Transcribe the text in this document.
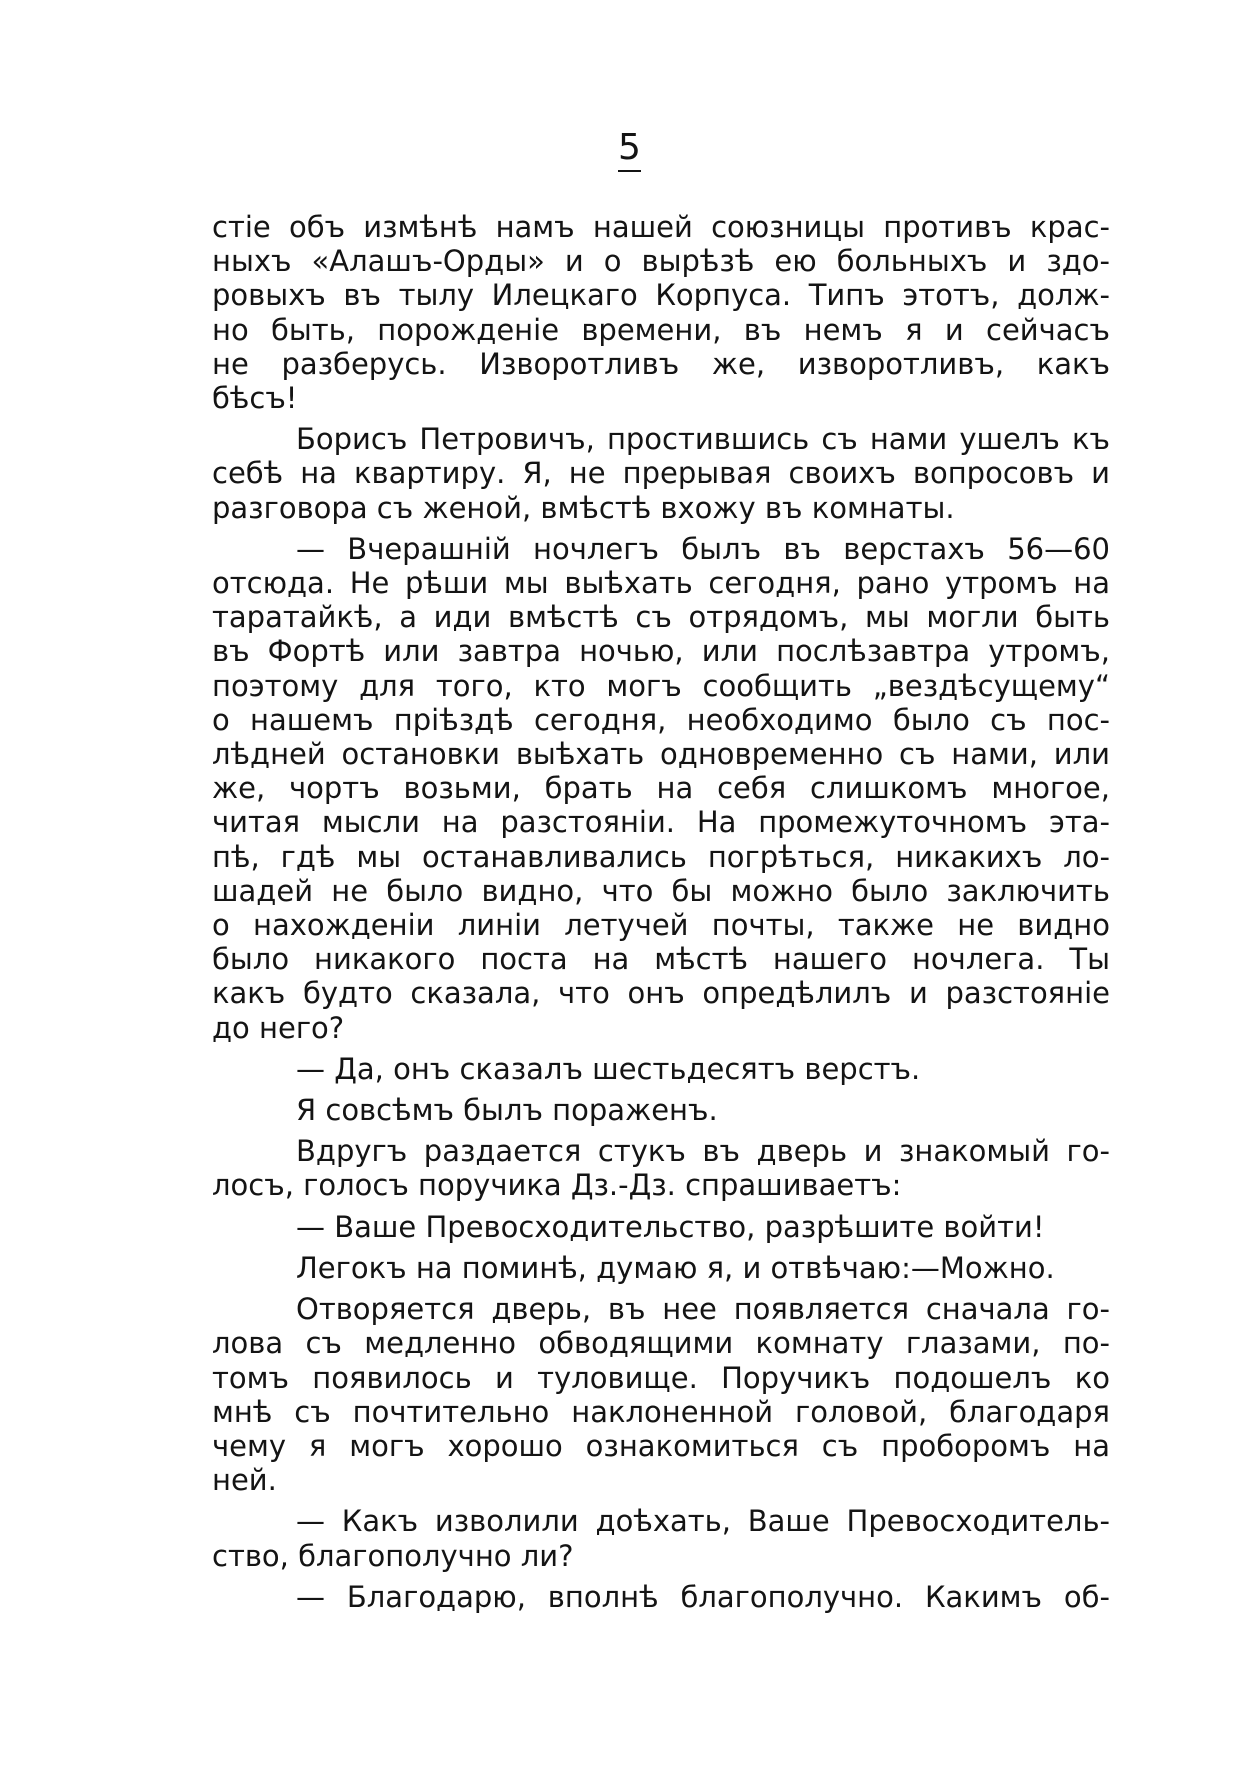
5
стіе объ измѣнѣ намъ нашей союзницы противъ крас-
ныхъ «Алашъ-Орды» и о вырѣзѣ ею больныхъ и здо-
ровыхъ въ тылу Илецкаго Корпуса. Типъ этотъ, долж-
но быть, порожденіе времени, въ немъ я и сейчасъ
не разберусь. Изворотливъ же, изворотливъ, какъ
бѣсъ!
Борисъ Петровичъ, простившись съ нами ушелъ къ
себѣ на квартиру. Я, не прерывая своихъ вопросовъ и
разговора съ женой, вмѣстѣ вхожу въ комнаты.
— Вчерашній ночлегъ былъ въ верстахъ 56—60
отсюда. Не рѣши мы выѣхать сегодня, рано утромъ на
таратайкѣ, а иди вмѣстѣ съ отрядомъ, мы могли быть
въ Фортѣ или завтра ночью, или послѣзавтра утромъ,
поэтому для того, кто могъ сообщить „вездѣсущему“
о нашемъ пріѣздѣ сегодня, необходимо было съ пос-
лѣдней остановки выѣхать одновременно съ нами, или
же, чортъ возьми, брать на себя слишкомъ многое,
читая мысли на разстояніи. На промежуточномъ эта-
пѣ, гдѣ мы останавливались погрѣться, никакихъ ло-
шадей не было видно, что бы можно было заключить
о нахожденіи линіи летучей почты, также не видно
было никакого поста на мѣстѣ нашего ночлега. Ты
какъ будто сказала, что онъ опредѣлилъ и разстояніе
до него?
— Да, онъ сказалъ шестьдесятъ верстъ.
Я совсѣмъ былъ пораженъ.
Вдругъ раздается стукъ въ дверь и знакомый го-
лосъ, голосъ поручика Дз.-Дз. спрашиваетъ:
— Ваше Превосходительство, разрѣшите войти!
Легокъ на поминѣ, думаю я, и отвѣчаю:—Можно.
Отворяется дверь, въ нее появляется сначала го-
лова съ медленно обводящими комнату глазами, по-
томъ появилось и туловище. Поручикъ подошелъ ко
мнѣ съ почтительно наклоненной головой, благодаря
чему я могъ хорошо ознакомиться съ проборомъ на
ней.
— Какъ изволили доѣхать, Ваше Превосходитель-
ство, благополучно ли?
— Благодарю, вполнѣ благополучно. Какимъ об-
